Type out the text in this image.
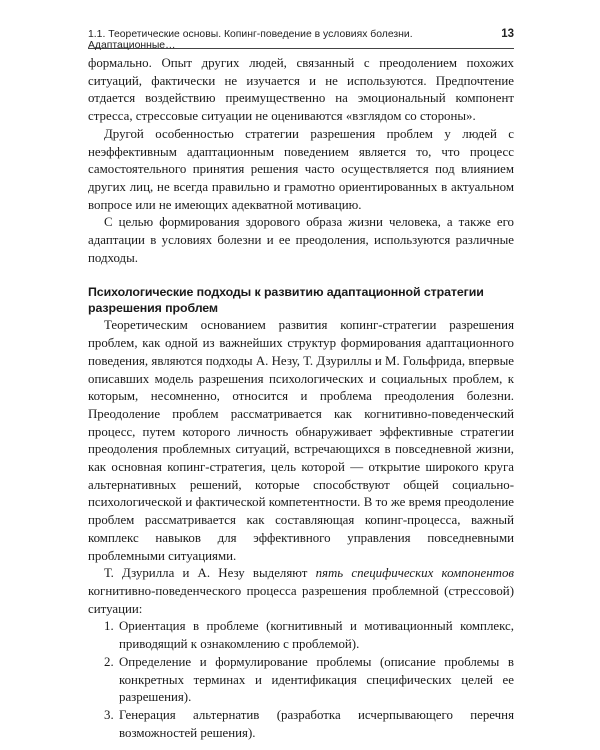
1.1. Теоретические основы. Копинг-поведение в условиях болезни. Адаптационные…
13

формально. Опыт других людей, связанный с преодолением похожих ситуаций, фактически не изучается и не используются. Предпочтение отдается воздействию преимущественно на эмоциональный компонент стресса, стрессовые ситуации не оцениваются «взглядом со стороны».

Другой особенностью стратегии разрешения проблем у людей с неэффективным адаптационным поведением является то, что процесс самостоятельного принятия решения часто осуществляется под влиянием других лиц, не всегда правильно и грамотно ориентированных в актуальном вопросе или не имеющих адекватной мотивацию.

С целью формирования здорового образа жизни человека, а также его адаптации в условиях болезни и ее преодоления, используются различные подходы.

Психологические подходы к развитию адаптационной стратегии разрешения проблем

Теоретическим основанием развития копинг-стратегии разрешения проблем, как одной из важнейших структур формирования адаптационного поведения, являются подходы А. Незу, Т. Дзуриллы и М. Гольфрида, впервые описавших модель разрешения психологических и социальных проблем, к которым, несомненно, относится и проблема преодоления болезни. Преодоление проблем рассматривается как когнитивно-поведенческий процесс, путем которого личность обнаруживает эффективные стратегии преодоления проблемных ситуаций, встречающихся в повседневной жизни, как основная копинг-стратегия, цель которой — открытие широкого круга альтернативных решений, которые способствуют общей социально-психологической и фактической компетентности. В то же время преодоление проблем рассматривается как составляющая копинг-процесса, важный комплекс навыков для эффективного управления повседневными проблемными ситуациями.

Т. Дзурилла и А. Незу выделяют пять специфических компонентов когнитивно-поведенческого процесса разрешения проблемной (стрессовой) ситуации:

1. Ориентация в проблеме (когнитивный и мотивационный комплекс, приводящий к ознакомлению с проблемой).
2. Определение и формулирование проблемы (описание проблемы в конкретных терминах и идентификация специфических целей ее разрешения).
3. Генерация альтернатив (разработка исчерпывающего перечня возможностей решения).
